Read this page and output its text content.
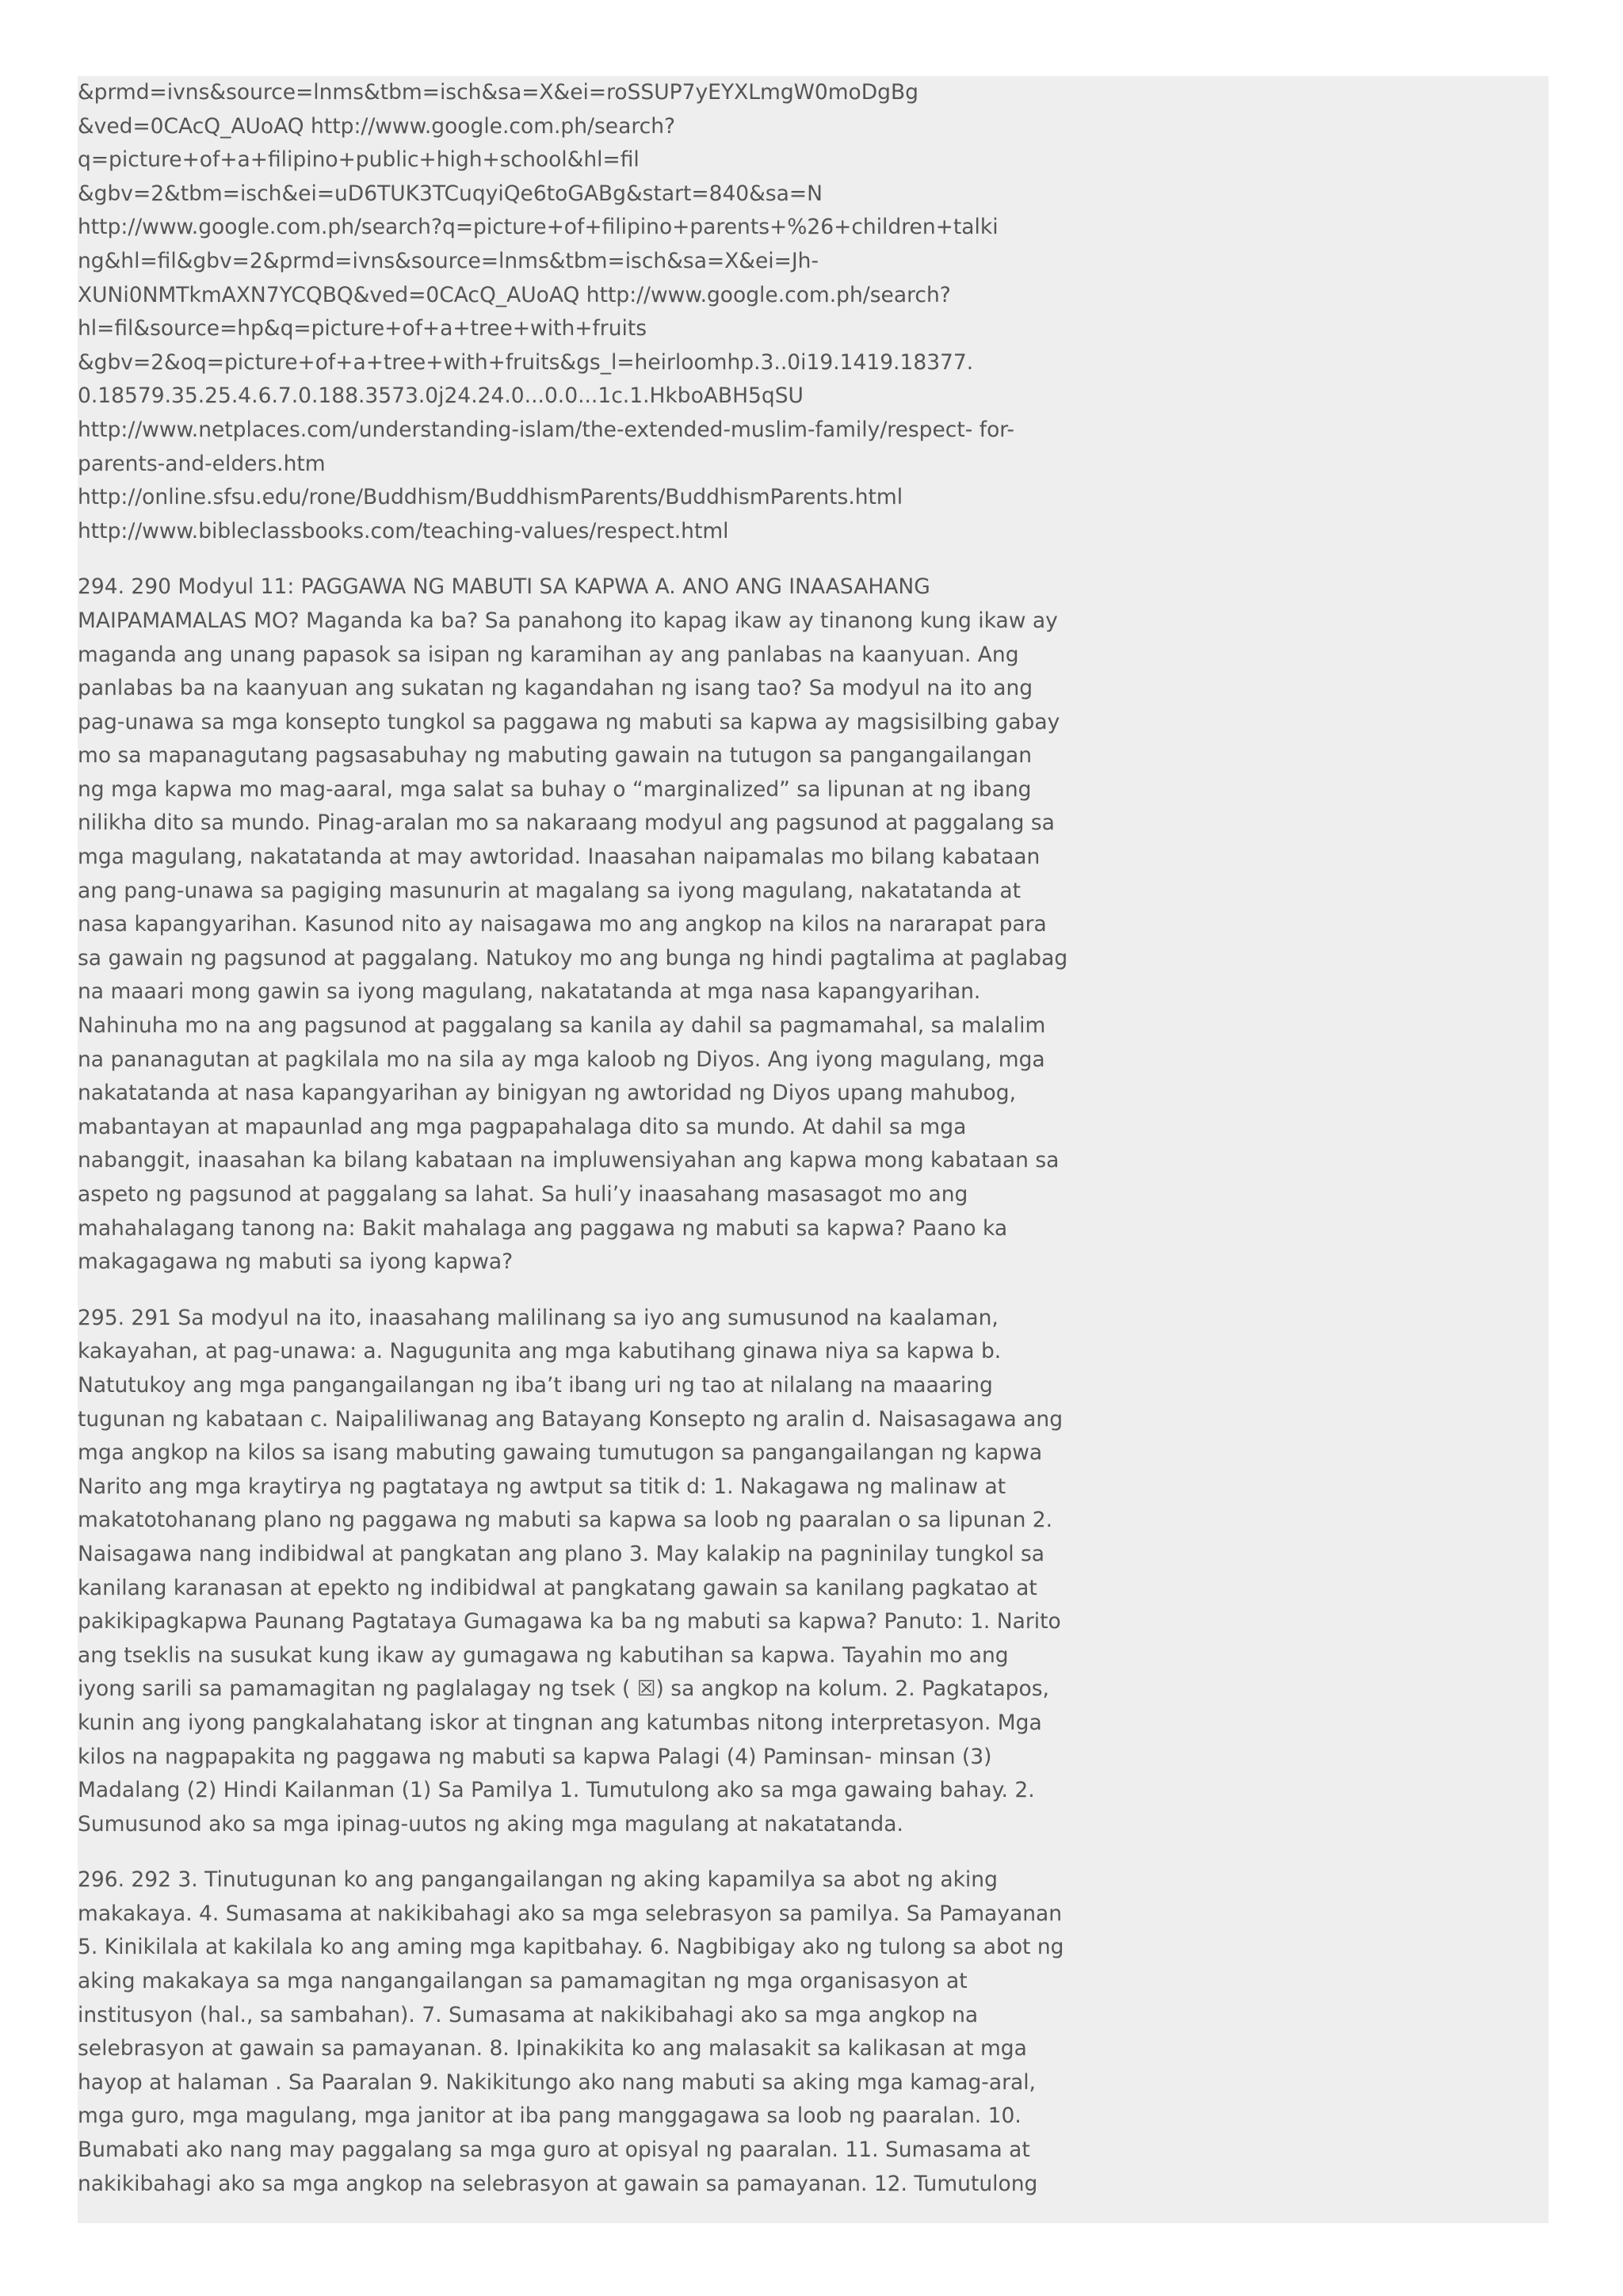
&prmd=ivns&source=lnms&tbm=isch&sa=X&ei=roSSUP7yEYXLmgW0moDgBg
&ved=0CAcQ_AUoAQ http://www.google.com.ph/search?
q=picture+of+a+filipino+public+high+school&hl=fil
&gbv=2&tbm=isch&ei=uD6TUK3TCuqyiQe6toGABg&start=840&sa=N
http://www.google.com.ph/search?q=picture+of+filipino+parents+%26+children+talki
ng&hl=fil&gbv=2&prmd=ivns&source=lnms&tbm=isch&sa=X&ei=Jh-
XUNi0NMTkmAXN7YCQBQ&ved=0CAcQ_AUoAQ http://www.google.com.ph/search?
hl=fil&source=hp&q=picture+of+a+tree+with+fruits
&gbv=2&oq=picture+of+a+tree+with+fruits&gs_l=heirloomhp.3..0i19.1419.18377.
0.18579.35.25.4.6.7.0.188.3573.0j24.24.0...0.0...1c.1.HkboABH5qSU
http://www.netplaces.com/understanding-islam/the-extended-muslim-family/respect- for-
parents-and-elders.htm
http://online.sfsu.edu/rone/Buddhism/BuddhismParents/BuddhismParents.html
http://www.bibleclassbooks.com/teaching-values/respect.html

294. 290 Modyul 11: PAGGAWA NG MABUTI SA KAPWA A. ANO ANG INAASAHANG
MAIPAMAMALAS MO? Maganda ka ba? Sa panahong ito kapag ikaw ay tinanong kung ikaw ay
maganda ang unang papasok sa isipan ng karamihan ay ang panlabas na kaanyuan. Ang
panlabas ba na kaanyuan ang sukatan ng kagandahan ng isang tao? Sa modyul na ito ang
pag-unawa sa mga konsepto tungkol sa paggawa ng mabuti sa kapwa ay magsisilbing gabay
mo sa mapanagutang pagsasabuhay ng mabuting gawain na tutugon sa pangangailangan
ng mga kapwa mo mag-aaral, mga salat sa buhay o “marginalized” sa lipunan at ng ibang
nilikha dito sa mundo. Pinag-aralan mo sa nakaraang modyul ang pagsunod at paggalang sa
mga magulang, nakatatanda at may awtoridad. Inaasahan naipamalas mo bilang kabataan
ang pang-unawa sa pagiging masunurin at magalang sa iyong magulang, nakatatanda at
nasa kapangyarihan. Kasunod nito ay naisagawa mo ang angkop na kilos na nararapat para
sa gawain ng pagsunod at paggalang. Natukoy mo ang bunga ng hindi pagtalima at paglabag
na maaari mong gawin sa iyong magulang, nakatatanda at mga nasa kapangyarihan.
Nahinuha mo na ang pagsunod at paggalang sa kanila ay dahil sa pagmamahal, sa malalim
na pananagutan at pagkilala mo na sila ay mga kaloob ng Diyos. Ang iyong magulang, mga
nakatatanda at nasa kapangyarihan ay binigyan ng awtoridad ng Diyos upang mahubog,
mabantayan at mapaunlad ang mga pagpapahalaga dito sa mundo. At dahil sa mga
nabanggit, inaasahan ka bilang kabataan na impluwensiyahan ang kapwa mong kabataan sa
aspeto ng pagsunod at paggalang sa lahat. Sa huli’y inaasahang masasagot mo ang
mahahalagang tanong na: Bakit mahalaga ang paggawa ng mabuti sa kapwa? Paano ka
makagagawa ng mabuti sa iyong kapwa?

295. 291 Sa modyul na ito, inaasahang malilinang sa iyo ang sumusunod na kaalaman,
kakayahan, at pag-unawa: a. Nagugunita ang mga kabutihang ginawa niya sa kapwa b.
Natutukoy ang mga pangangailangan ng iba’t ibang uri ng tao at nilalang na maaaring
tugunan ng kabataan c. Naipaliliwanag ang Batayang Konsepto ng aralin d. Naisasagawa ang
mga angkop na kilos sa isang mabuting gawaing tumutugon sa pangangailangan ng kapwa
Narito ang mga kraytirya ng pagtataya ng awtput sa titik d: 1. Nakagawa ng malinaw at
makatotohanang plano ng paggawa ng mabuti sa kapwa sa loob ng paaralan o sa lipunan 2.
Naisagawa nang indibidwal at pangkatan ang plano 3. May kalakip na pagninilay tungkol sa
kanilang karanasan at epekto ng indibidwal at pangkatang gawain sa kanilang pagkatao at
pakikipagkapwa Paunang Pagtataya Gumagawa ka ba ng mabuti sa kapwa? Panuto: 1. Narito
ang tseklis na susukat kung ikaw ay gumagawa ng kabutihan sa kapwa. Tayahin mo ang
iyong sarili sa pamamagitan ng paglalagay ng tsek ( ☒) sa angkop na kolum. 2. Pagkatapos,
kunin ang iyong pangkalahatang iskor at tingnan ang katumbas nitong interpretasyon. Mga
kilos na nagpapakita ng paggawa ng mabuti sa kapwa Palagi (4) Paminsan- minsan (3)
Madalang (2) Hindi Kailanman (1) Sa Pamilya 1. Tumutulong ako sa mga gawaing bahay. 2.
Sumusunod ako sa mga ipinag-uutos ng aking mga magulang at nakatatanda.

296. 292 3. Tinutugunan ko ang pangangailangan ng aking kapamilya sa abot ng aking
makakaya. 4. Sumasama at nakikibahagi ako sa mga selebrasyon sa pamilya. Sa Pamayanan
5. Kinikilala at kakilala ko ang aming mga kapitbahay. 6. Nagbibigay ako ng tulong sa abot ng
aking makakaya sa mga nangangailangan sa pamamagitan ng mga organisasyon at
institusyon (hal., sa sambahan). 7. Sumasama at nakikibahagi ako sa mga angkop na
selebrasyon at gawain sa pamayanan. 8. Ipinakikita ko ang malasakit sa kalikasan at mga
hayop at halaman . Sa Paaralan 9. Nakikitungo ako nang mabuti sa aking mga kamag-aral,
mga guro, mga magulang, mga janitor at iba pang manggagawa sa loob ng paaralan. 10.
Bumabati ako nang may paggalang sa mga guro at opisyal ng paaralan. 11. Sumasama at
nakikibahagi ako sa mga angkop na selebrasyon at gawain sa pamayanan. 12. Tumutulong
